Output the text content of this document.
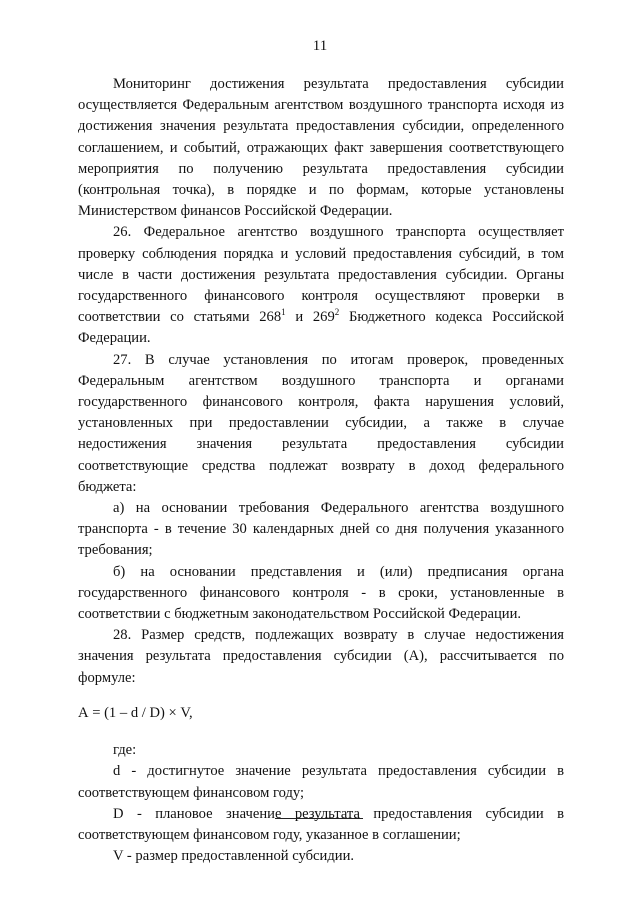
11

Мониторинг достижения результата предоставления субсидии осуществляется Федеральным агентством воздушного транспорта исходя из достижения значения результата предоставления субсидии, определенного соглашением, и событий, отражающих факт завершения соответствующего мероприятия по получению результата предоставления субсидии (контрольная точка), в порядке и по формам, которые установлены Министерством финансов Российской Федерации.

26. Федеральное агентство воздушного транспорта осуществляет проверку соблюдения порядка и условий предоставления субсидий, в том числе в части достижения результата предоставления субсидии. Органы государственного финансового контроля осуществляют проверки в соответствии со статьями $268^1$ и $269^2$ Бюджетного кодекса Российской Федерации.

27. В случае установления по итогам проверок, проведенных Федеральным агентством воздушного транспорта и органами государственного финансового контроля, факта нарушения условий, установленных при предоставлении субсидии, а также в случае недостижения значения результата предоставления субсидии соответствующие средства подлежат возврату в доход федерального бюджета:

а) на основании требования Федерального агентства воздушного транспорта - в течение 30 календарных дней со дня получения указанного требования;

б) на основании представления и (или) предписания органа государственного финансового контроля - в сроки, установленные в соответствии с бюджетным законодательством Российской Федерации.

28. Размер средств, подлежащих возврату в случае недостижения значения результата предоставления субсидии (А), рассчитывается по формуле:

А = (1 – d / D) × V,

где:

d - достигнутое значение результата предоставления субсидии в соответствующем финансовом году;

D - плановое значение результата предоставления субсидии в соответствующем финансовом году, указанное в соглашении;

V - размер предоставленной субсидии.
